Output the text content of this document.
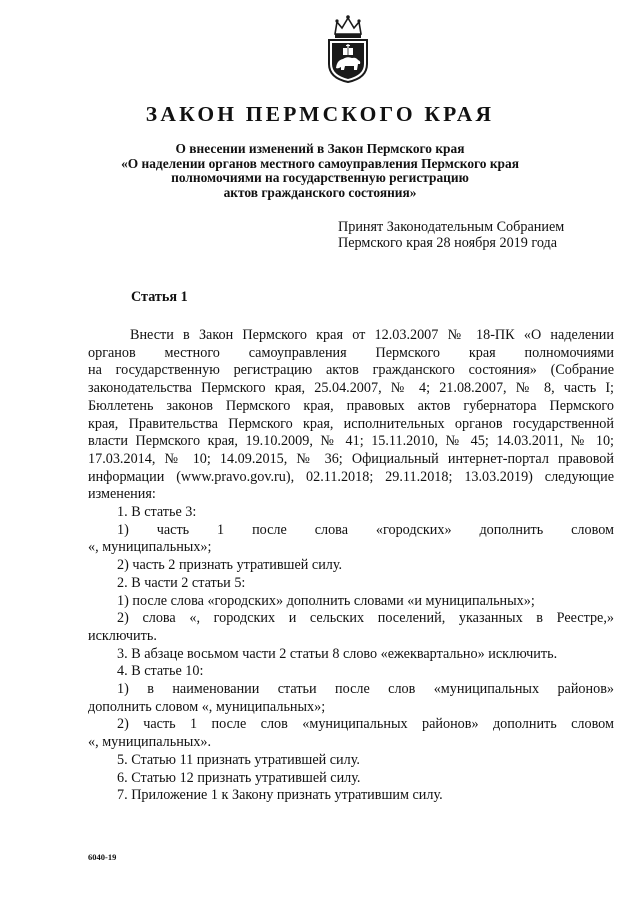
ЗАКОН ПЕРМСКОГО КРАЯ
О внесении изменений в Закон Пермского края
«О наделении органов местного самоуправления Пермского края
полномочиями на государственную регистрацию
актов гражданского состояния»
Принят Законодательным Собранием
Пермского края 28 ноября 2019 года
Статья 1

Внести в Закон Пермского края от 12.03.2007 № 18-ПК «О наделении

органов местного самоуправления Пермского края полномочиями

на государственную регистрацию актов гражданского состояния» (Собрание

законодательства Пермского края, 25.04.2007, № 4; 21.08.2007, № 8, часть I;

Бюллетень законов Пермского края, правовых актов губернатора Пермского

края, Правительства Пермского края, исполнительных органов государственной

власти Пермского края, 19.10.2009, № 41; 15.11.2010, № 45; 14.03.2011, № 10;

17.03.2014, № 10; 14.09.2015, № 36; Официальный интернет-портал правовой

информации (www.pravo.gov.ru), 02.11.2018; 29.11.2018; 13.03.2019) следующие

изменения:

1. В статье 3:

1) часть 1 после слова «городских» дополнить словом

«, муниципальных»;

2) часть 2 признать утратившей силу.

2. В части 2 статьи 5:

1) после слова «городских» дополнить словами «и муниципальных»;

2) слова «, городских и сельских поселений, указанных в Реестре,»

исключить.

3. В абзаце восьмом части 2 статьи 8 слово «ежеквартально» исключить.

4. В статье 10:

1) в наименовании статьи после слов «муниципальных районов»

дополнить словом «, муниципальных»;

2) часть 1 после слов «муниципальных районов» дополнить словом

«, муниципальных».

5. Статью 11 признать утратившей силу.

6. Статью 12 признать утратившей силу.

7. Приложение 1 к Закону признать утратившим силу.

6040-19
